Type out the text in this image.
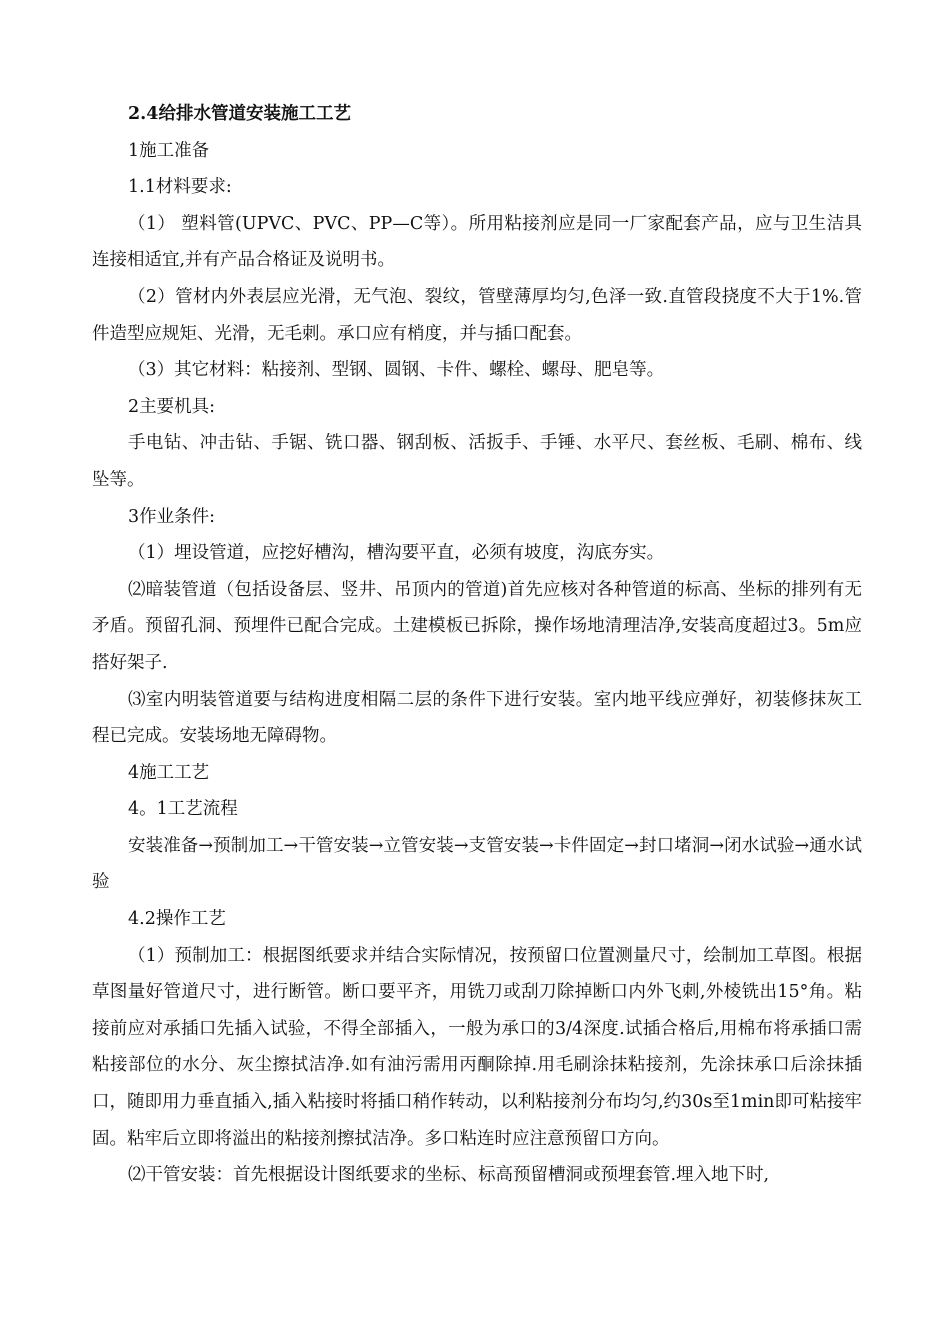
2.4给排水管道安装施工工艺

1施工准备

1.1材料要求:

（1） 塑料管(UPVC、PVC、PP—C等）。所用粘接剂应是同一厂家配套产品，应与卫生洁具连接相适宜,并有产品合格证及说明书。

（2）管材内外表层应光滑，无气泡、裂纹，管壁薄厚均匀,色泽一致.直管段挠度不大于1%.管件造型应规矩、光滑，无毛刺。承口应有梢度，并与插口配套。

（3）其它材料：粘接剂、型钢、圆钢、卡件、螺栓、螺母、肥皂等。

2主要机具:

手电钻、冲击钻、手锯、铣口器、钢刮板、活扳手、手锤、水平尺、套丝板、毛刷、棉布、线坠等。

3作业条件:

（1）埋设管道，应挖好槽沟，槽沟要平直，必须有坡度，沟底夯实。

⑵暗装管道（包括设备层、竖井、吊顶内的管道)首先应核对各种管道的标高、坐标的排列有无矛盾。预留孔洞、预埋件已配合完成。土建模板已拆除，操作场地清理洁净,安装高度超过3。5m应搭好架子.

⑶室内明装管道要与结构进度相隔二层的条件下进行安装。室内地平线应弹好，初装修抹灰工程已完成。安装场地无障碍物。

4施工工艺

4。1工艺流程

安装准备→预制加工→干管安装→立管安装→支管安装→卡件固定→封口堵洞→闭水试验→通水试验

4.2操作工艺

（1）预制加工：根据图纸要求并结合实际情况，按预留口位置测量尺寸，绘制加工草图。根据草图量好管道尺寸，进行断管。断口要平齐，用铣刀或刮刀除掉断口内外飞刺,外棱铣出15°角。粘接前应对承插口先插入试验，不得全部插入，一般为承口的3/4深度.试插合格后,用棉布将承插口需粘接部位的水分、灰尘擦拭洁净.如有油污需用丙酮除掉.用毛刷涂抹粘接剂，先涂抹承口后涂抹插口，随即用力垂直插入,插入粘接时将插口稍作转动，以利粘接剂分布均匀,约30s至1min即可粘接牢固。粘牢后立即将溢出的粘接剂擦拭洁净。多口粘连时应注意预留口方向。

⑵干管安装：首先根据设计图纸要求的坐标、标高预留槽洞或预埋套管.埋入地下时,
